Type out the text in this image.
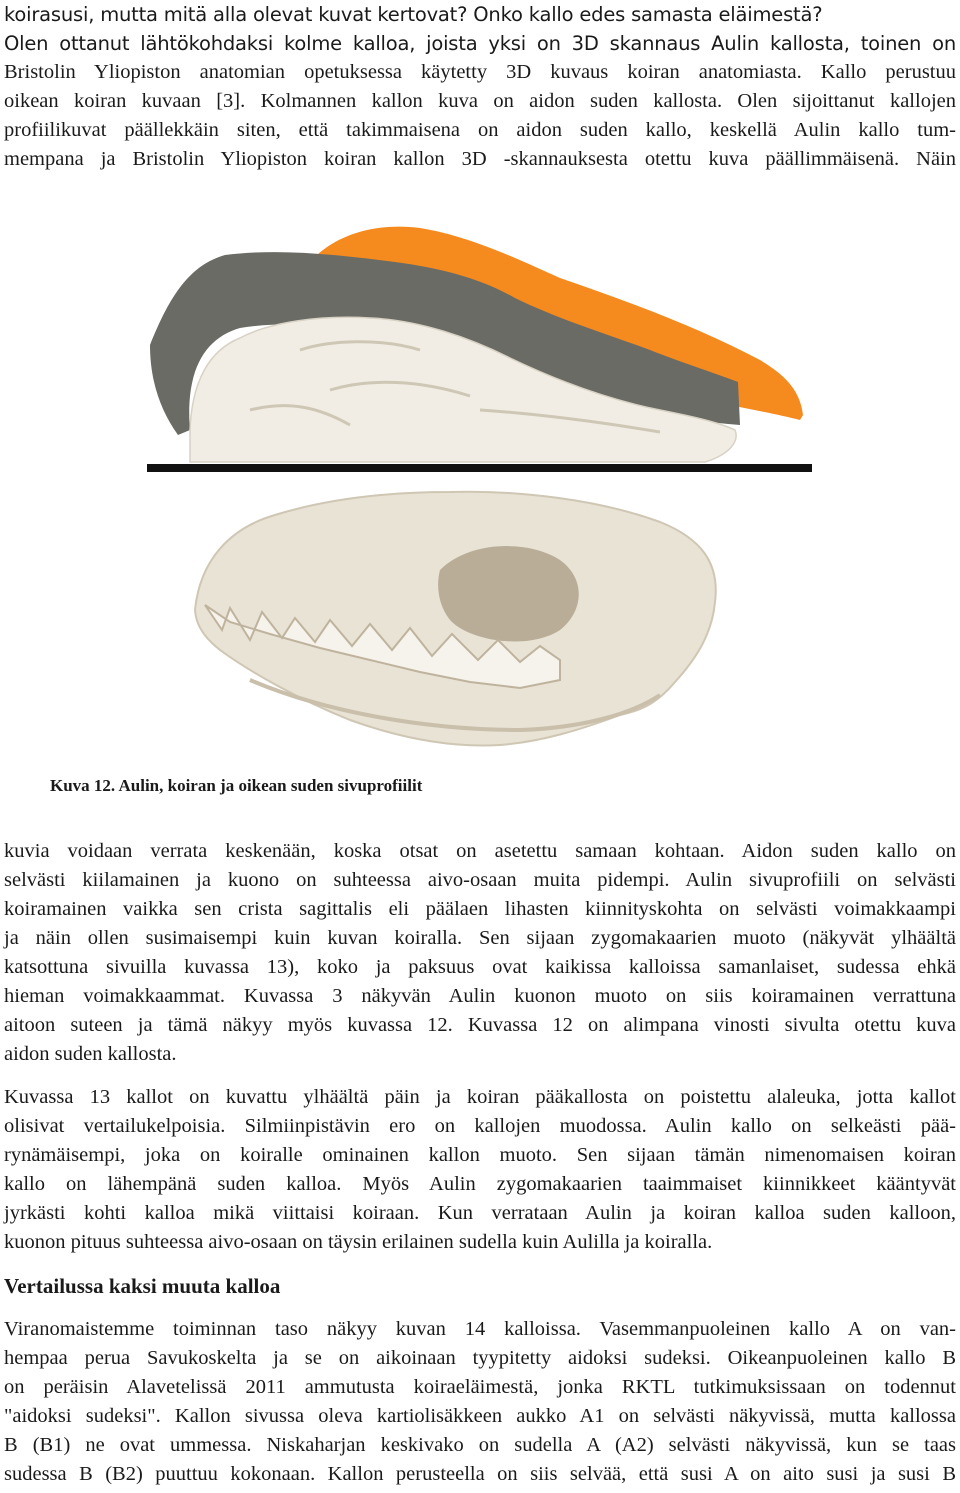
koirasusi, mutta mitä alla olevat kuvat kertovat? Onko kallo edes samasta eläimestä?
Olen ottanut lähtökohdaksi kolme kalloa, joista yksi on 3D skannaus Aulin kallosta, toinen on
Bristolin Yliopiston anatomian opetuksessa käytetty 3D kuvaus koiran anatomiasta. Kallo perustuu
oikean koiran kuvaan [3]. Kolmannen kallon kuva on aidon suden kallosta. Olen sijoittanut kallojen
profiilikuvat päällekkäin siten, että takimmaisena on aidon suden kallo, keskellä Aulin kallo tum-
mempana ja Bristolin Yliopiston koiran kallon 3D -skannauksesta otettu kuva päällimmäisenä. Näin
Kuva 12. Aulin, koiran ja oikean suden sivuprofiilit
kuvia voidaan verrata keskenään, koska otsat on asetettu samaan kohtaan. Aidon suden kallo on
selvästi kiilamainen ja kuono on suhteessa aivo-osaan muita pidempi. Aulin sivuprofiili on selvästi
koiramainen vaikka sen crista sagittalis eli päälaen lihasten kiinnityskohta on selvästi voimakkaampi
ja näin ollen susimaisempi kuin kuvan koiralla. Sen sijaan zygomakaarien muoto (näkyvät ylhäältä
katsottuna sivuilla kuvassa 13), koko ja paksuus ovat kaikissa kalloissa samanlaiset, sudessa ehkä
hieman voimakkaammat. Kuvassa 3 näkyvän Aulin kuonon muoto on siis koiramainen verrattuna
aitoon suteen ja tämä näkyy myös kuvassa 12. Kuvassa 12 on alimpana vinosti sivulta otettu kuva
aidon suden kallosta.
Kuvassa 13 kallot on kuvattu ylhäältä päin ja koiran pääkallosta on poistettu alaleuka, jotta kallot
olisivat vertailukelpoisia. Silmiinpistävin ero on kallojen muodossa. Aulin kallo on selkeästi pää-
rynämäisempi, joka on koiralle ominainen kallon muoto. Sen sijaan tämän nimenomaisen koiran
kallo on lähempänä suden kalloa. Myös Aulin zygomakaarien taaimmaiset kiinnikkeet kääntyvät
jyrkästi kohti kalloa mikä viittaisi koiraan. Kun verrataan Aulin ja koiran kalloa suden kalloon,
kuonon pituus suhteessa aivo-osaan on täysin erilainen sudella kuin Aulilla ja koiralla.
Vertailussa kaksi muuta kalloa
Viranomaistemme toiminnan taso näkyy kuvan 14 kalloissa. Vasemmanpuoleinen kallo A on van-
hempaa perua Savukoskelta ja se on aikoinaan tyypitetty aidoksi sudeksi. Oikeanpuoleinen kallo B
on peräisin Alavetelissä 2011 ammutusta koiraeläimestä, jonka RKTL tutkimuksissaan on todennut
"aidoksi sudeksi". Kallon sivussa oleva kartiolisäkkeen aukko A1 on selvästi näkyvissä, mutta kallossa
B (B1) ne ovat ummessa. Niskaharjan keskivako on sudella A (A2) selvästi näkyvissä, kun se taas
sudessa B (B2) puuttuu kokonaan. Kallon perusteella on siis selvää, että susi A on aito susi ja susi B
